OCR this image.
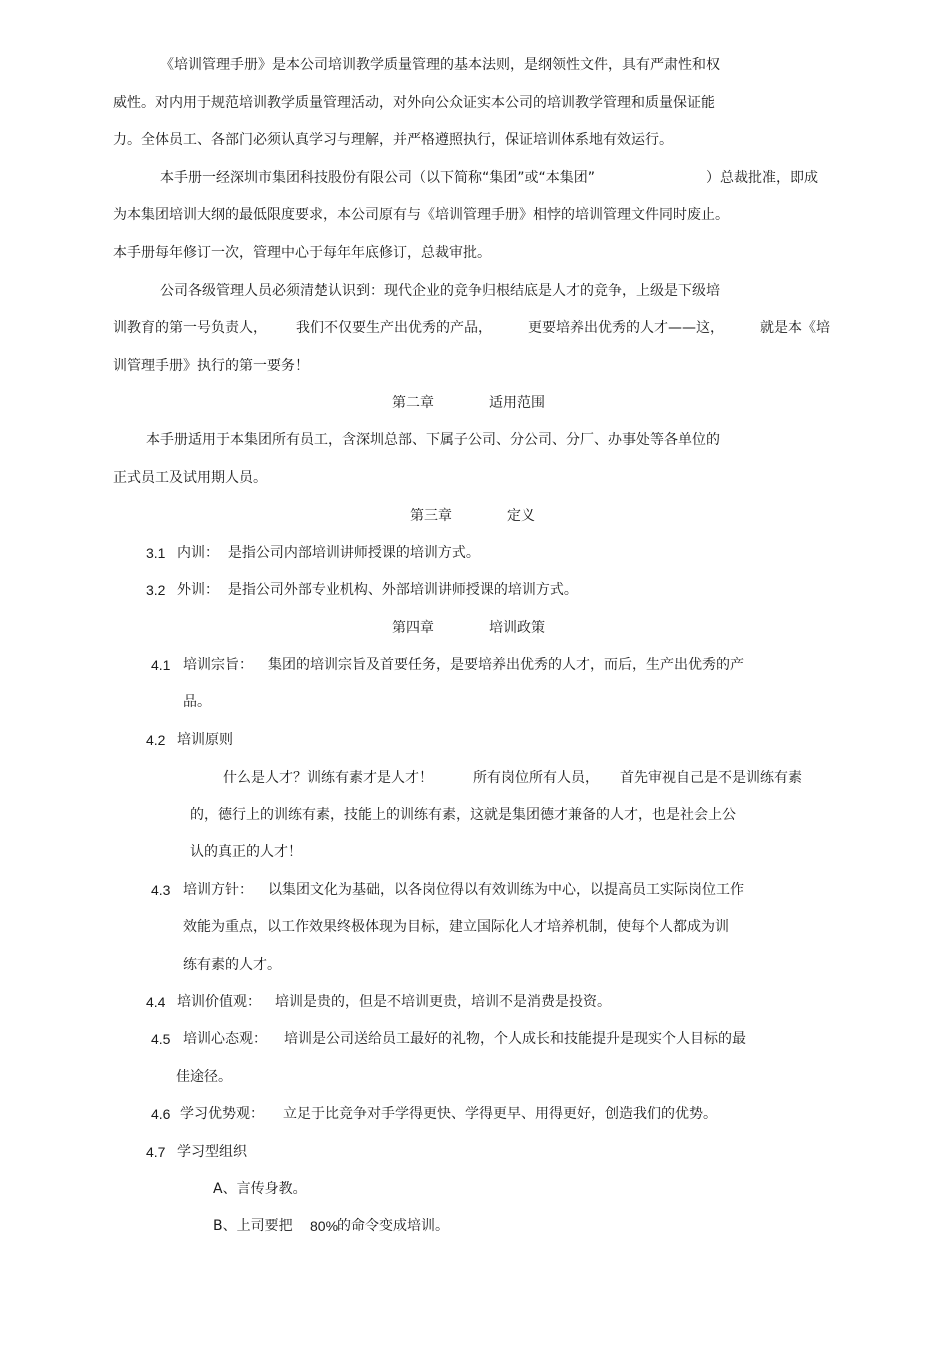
《培训管理手册》是本公司培训教学质量管理的基本法则，是纲领性文件，具有严肃性和权
威性。对内用于规范培训教学质量管理活动，对外向公众证实本公司的培训教学管理和质量保证能
力。全体员工、各部门必须认真学习与理解，并严格遵照执行，保证培训体系地有效运行。
本手册一经深圳市集团科技股份有限公司（以下简称“集团”或“本集团”	）总裁批准，即成
为本集团培训大纲的最低限度要求，本公司原有与《培训管理手册》相悖的培训管理文件同时废止。
本手册每年修订一次，管理中心于每年年底修订，总裁审批。
公司各级管理人员必须清楚认识到：现代企业的竞争归根结底是人才的竞争，上级是下级培
训教育的第一号负责人， 我们不仅要生产出优秀的产品，	更要培养出优秀的人才——这，	就是本《培
训管理手册》执行的第一要务！
第二章	适用范围
本手册适用于本集团所有员工，含深圳总部、下属子公司、分公司、分厂、办事处等各单位的
正式员工及试用期人员。
第三章	定义
3.1 内训：  是指公司内部培训讲师授课的培训方式。
3.2 外训：  是指公司外部专业机构、外部培训讲师授课的培训方式。
第四章	培训政策
4.1 培训宗旨： 集团的培训宗旨及首要任务，是要培养出优秀的人才，而后，生产出优秀的产
品。
4.2 培训原则
什么是人才？训练有素才是人才！	所有岗位所有人员， 首先审视自己是不是训练有素
的，德行上的训练有素，技能上的训练有素，这就是集团德才兼备的人才，也是社会上公
认的真正的人才！
4.3 培训方针： 以集团文化为基础，以各岗位得以有效训练为中心，以提高员工实际岗位工作
效能为重点，以工作效果终极体现为目标，建立国际化人才培养机制，使每个人都成为训
练有素的人才。
4.4 培训价值观： 培训是贵的，但是不培训更贵，培训不是消费是投资。
4.5 培训心态观： 培训是公司送给员工最好的礼物，个人成长和技能提升是现实个人目标的最
佳途径。
4.6 学习优势观： 立足于比竞争对手学得更快、学得更早、用得更好，创造我们的优势。
4.7 学习型组织
A、言传身教。
B、上司要把 80%
的命令变成培训。
